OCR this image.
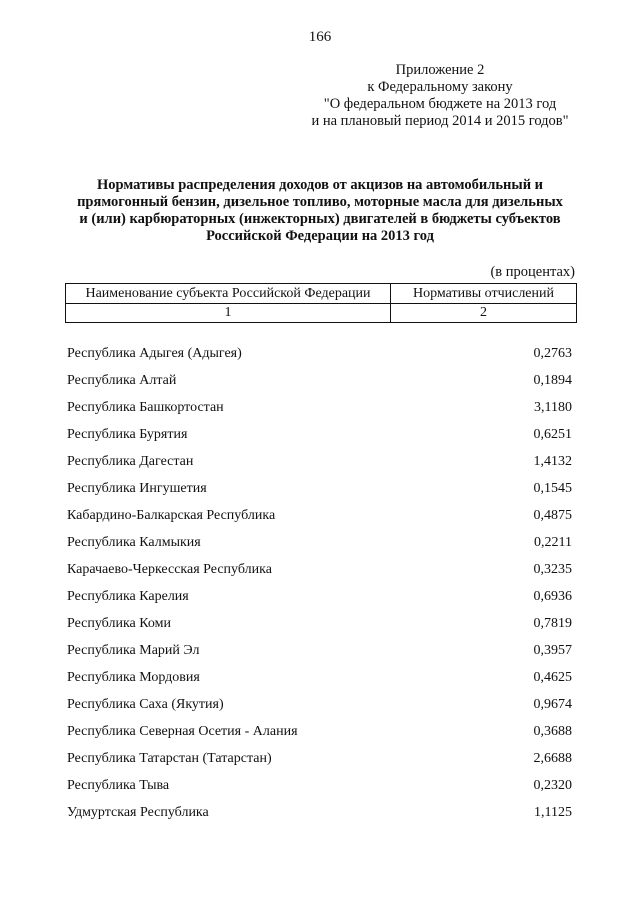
166
Приложение 2
к Федеральному закону
"О федеральном бюджете на 2013 год
и на плановый период 2014 и 2015 годов"
Нормативы распределения доходов от акцизов на автомобильный и
прямогонный бензин, дизельное топливо, моторные масла для дизельных
и (или) карбюраторных (инжекторных) двигателей в бюджеты субъектов
Российской Федерации на 2013 год
(в процентах)
Наименование субъекта Российской Федерации	Нормативы отчислений
1	2
Республика Адыгея (Адыгея)	0,2763
Республика Алтай	0,1894
Республика Башкортостан	3,1180
Республика Бурятия	0,6251
Республика Дагестан	1,4132
Республика Ингушетия	0,1545
Кабардино-Балкарская Республика	0,4875
Республика Калмыкия	0,2211
Карачаево-Черкесская Республика	0,3235
Республика Карелия	0,6936
Республика Коми	0,7819
Республика Марий Эл	0,3957
Республика Мордовия	0,4625
Республика Саха (Якутия)	0,9674
Республика Северная Осетия - Алания	0,3688
Республика Татарстан (Татарстан)	2,6688
Республика Тыва	0,2320
Удмуртская Республика	1,1125
